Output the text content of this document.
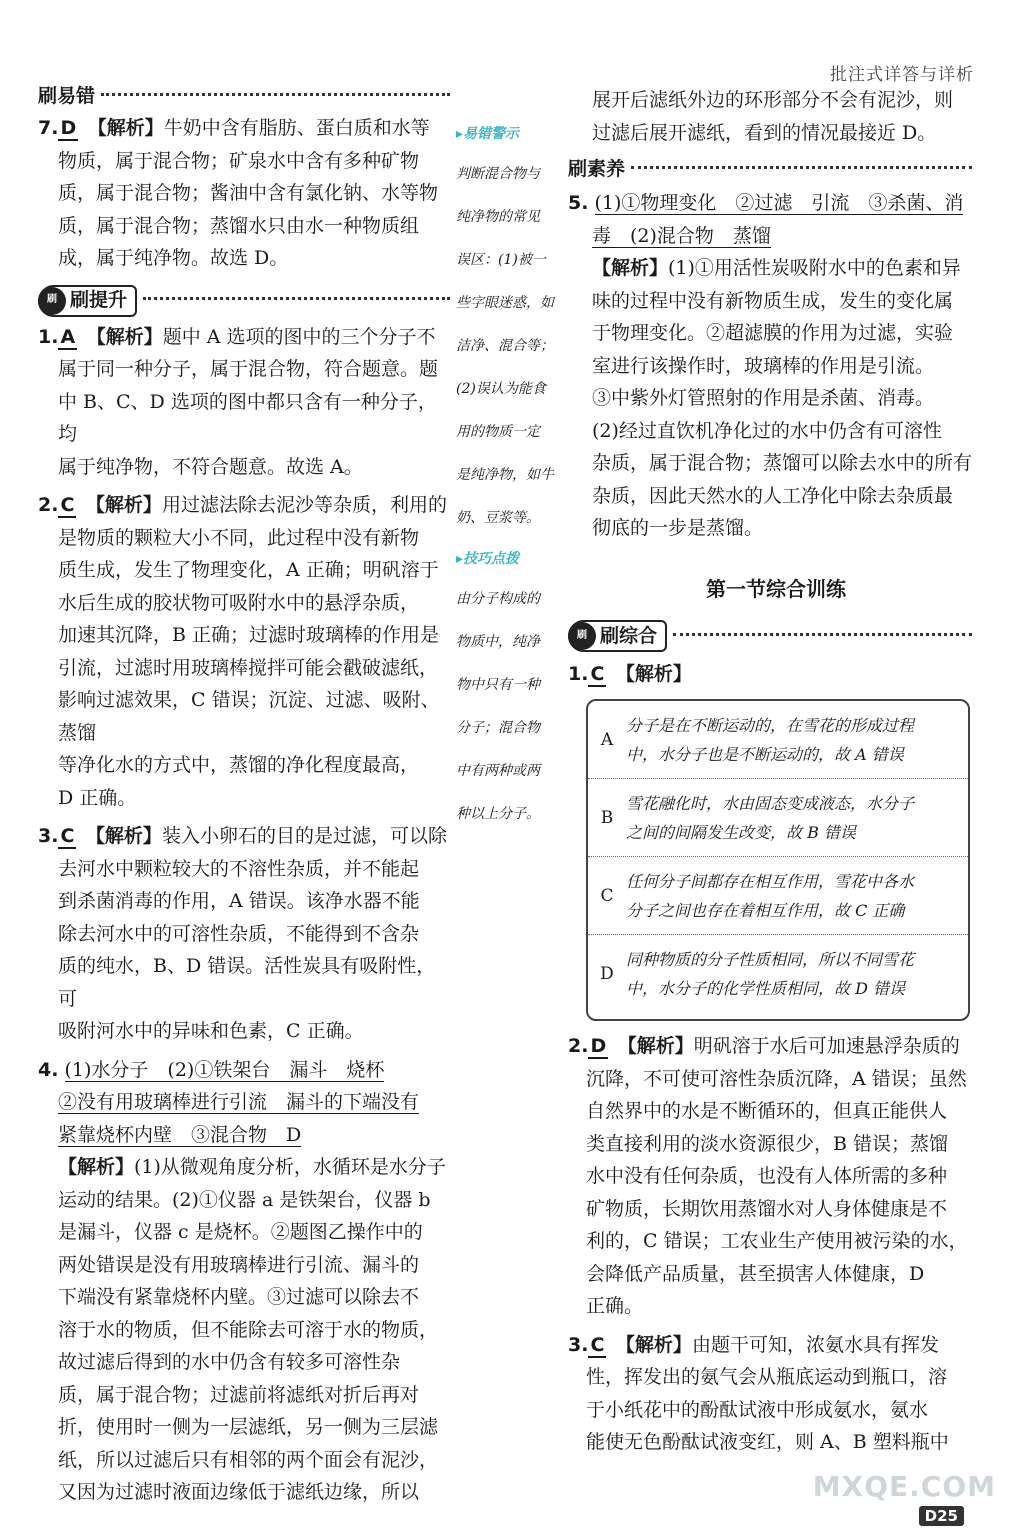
批注式详答与详析
刷易错

7. D　 【解析】牛奶中含有脂肪、蛋白质和水等

物质，属于混合物；矿泉水中含有多种矿物

质，属于混合物；酱油中含有氯化钠、水等物

质，属于混合物；蒸馏水只由水一种物质组

成，属于纯净物。故选 D。

刷 刷提升

1. A　 【解析】题中 A 选项的图中的三个分子不

属于同一种分子，属于混合物，符合题意。题

中 B、C、D 选项的图中都只含有一种分子，均

属于纯净物，不符合题意。故选 A。

2. C　 【解析】用过滤法除去泥沙等杂质，利用的

是物质的颗粒大小不同，此过程中没有新物

质生成，发生了物理变化，A 正确；明矾溶于

水后生成的胶状物可吸附水中的悬浮杂质，

加速其沉降，B 正确；过滤时玻璃棒的作用是

引流，过滤时用玻璃棒搅拌可能会戳破滤纸，

影响过滤效果，C 错误；沉淀、过滤、吸附、蒸馏

等净化水的方式中，蒸馏的净化程度最高，

D 正确。

3. C　 【解析】装入小卵石的目的是过滤，可以除

去河水中颗粒较大的不溶性杂质，并不能起

到杀菌消毒的作用，A 错误。该净水器不能

除去河水中的可溶性杂质，不能得到不含杂

质的纯水，B、D 错误。活性炭具有吸附性，可

吸附河水中的异味和色素，C 正确。

4. (1)水分子　(2)①铁架台　漏斗　烧杯

②没有用玻璃棒进行引流　漏斗的下端没有

紧靠烧杯内壁　③混合物　D

【解析】(1)从微观角度分析，水循环是水分子

运动的结果。(2)①仪器 a 是铁架台，仪器 b

是漏斗，仪器 c 是烧杯。②题图乙操作中的

两处错误是没有用玻璃棒进行引流、漏斗的

下端没有紧靠烧杯内壁。③过滤可以除去不

溶于水的物质，但不能除去可溶于水的物质，

故过滤后得到的水中仍含有较多可溶性杂

质，属于混合物；过滤前将滤纸对折后再对

折，使用时一侧为一层滤纸，另一侧为三层滤

纸，所以过滤后只有相邻的两个面会有泥沙，

又因为过滤时液面边缘低于滤纸边缘，所以

▸ 易错警示

判断混合物与

纯净物的常见

误区：(1)被一

些字眼迷惑，如

洁净、混合等；

(2)误认为能食

用的物质一定

是纯净物，如牛

奶、豆浆等。

▸ 技巧点拨

由分子构成的

物质中，纯净

物中只有一种

分子；混合物

中有两种或两

种以上分子。

展开后滤纸外边的环形部分不会有泥沙，则

过滤后展开滤纸，看到的情况最接近 D。

刷素养

5. (1)①物理变化　②过滤　引流　③杀菌、消

毒　(2)混合物　蒸馏

【解析】(1)①用活性炭吸附水中的色素和异

味的过程中没有新物质生成，发生的变化属

于物理变化。②超滤膜的作用为过滤，实验

室进行该操作时，玻璃棒的作用是引流。

③中紫外灯管照射的作用是杀菌、消毒。

(2)经过直饮机净化过的水中仍含有可溶性

杂质，属于混合物；蒸馏可以除去水中的所有

杂质，因此天然水的人工净化中除去杂质最

彻底的一步是蒸馏。

第一节综合训练
刷 刷综合
1. C　 【解析】
A
分子是在不断运动的，在雪花的形成过程
中，水分子也是不断运动的，故 A 错误
B
雪花融化时，水由固态变成液态，水分子
之间的间隔发生改变，故 B 错误
C
任何分子间都存在相互作用，雪花中各水
分子之间也存在着相互作用，故 C 正确
D
同种物质的分子性质相同，所以不同雪花
中，水分子的化学性质相同，故 D 错误

2. D　 【解析】明矾溶于水后可加速悬浮杂质的

沉降，不可使可溶性杂质沉降，A 错误；虽然

自然界中的水是不断循环的，但真正能供人

类直接利用的淡水资源很少，B 错误；蒸馏

水中没有任何杂质，也没有人体所需的多种

矿物质，长期饮用蒸馏水对人身体健康是不

利的，C 错误；工农业生产使用被污染的水，

会降低产品质量，甚至损害人体健康，D

正确。

3. C　 【解析】由题干可知，浓氨水具有挥发

性，挥发出的氨气会从瓶底运动到瓶口，溶

于小纸花中的酚酞试液中形成氨水，氨水

能使无色酚酞试液变红，则 A、B 塑料瓶中

MXQE.COM
D25
